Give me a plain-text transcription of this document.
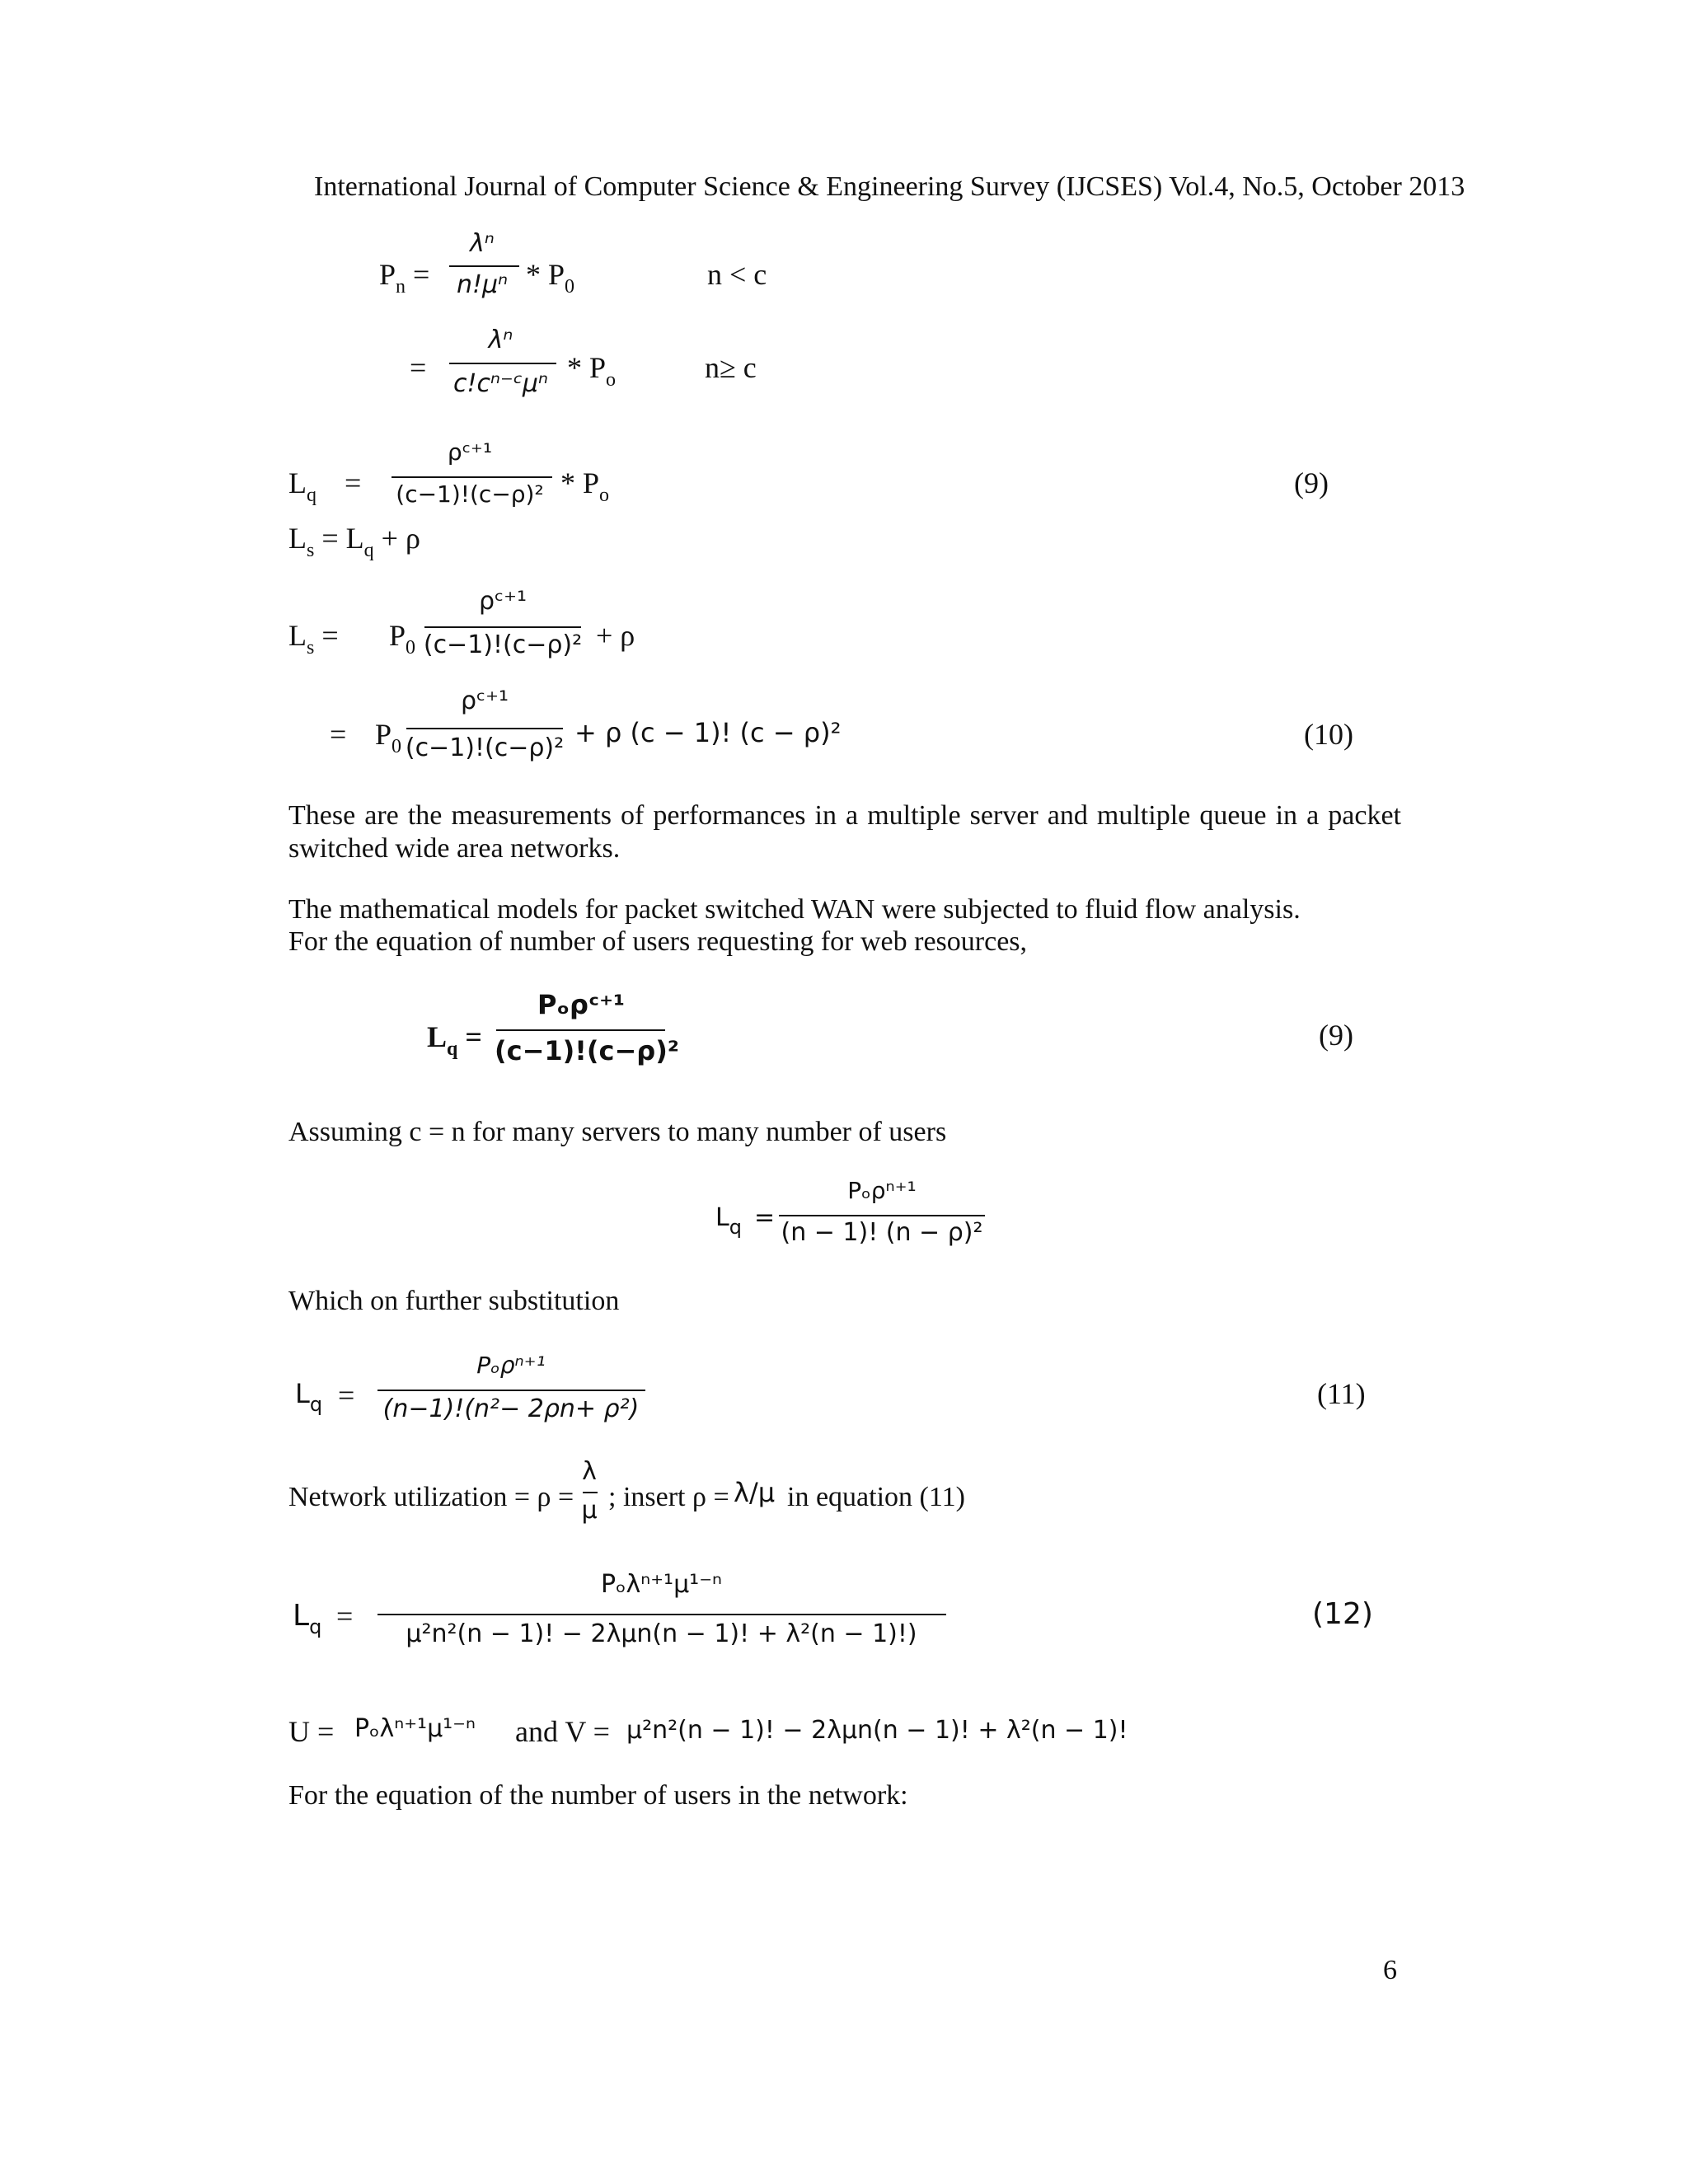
International Journal of Computer Science & Engineering Survey (IJCSES) Vol.4, No.5, October 2013
$P_n$ =
λⁿ
$n!\mu^n * P_0$	n < c
=
λⁿ
c!cⁿ⁻ᶜμⁿ * $P_o$	n≥ c
$L_q$ =
ρᶜ⁺¹
$(c-1)!(c-\rho)^2 * P_o$	(9)
$L_s = L_q + \rho$
$L_s = P_0$
ρᶜ⁺¹
(c−1)!(c−ρ)² + ρ
= $P_0$
ρᶜ⁺¹
(c−1)!(c−ρ)² + ρ (c − 1)! (c − ρ)²	(10)
These are the measurements of performances in a multiple server and multiple queue in a packet switched wide area networks.
The mathematical models for packet switched WAN were subjected to fluid flow analysis.
For the equation of number of users requesting for web resources,
$L_q$ =
Pₒρᶜ⁺¹
(c−1)!(c−ρ)²	(9)
Assuming c = n for many servers to many number of users
$L_q$ =
Pₒρⁿ⁺¹
(n − 1)! (n − ρ)²
Which on further substitution
$L_q$ =
Pₒρⁿ⁺¹
(n−1)!(n²− 2ρn+ ρ²)	(11)
Network utilization = ρ =
λ
μ ; insert ρ = λ/μ in equation (11)
$L_q$ =
Pₒλⁿ⁺¹μ¹⁻ⁿ
μ²n²(n − 1)! − 2λμn(n − 1)! + λ²(n − 1)!)
(12)
U = Pₒλⁿ⁺¹μ¹⁻ⁿ and V = μ²n²(n − 1)! − 2λμn(n − 1)! + λ²(n − 1)!
For the equation of the number of users in the network:
6
